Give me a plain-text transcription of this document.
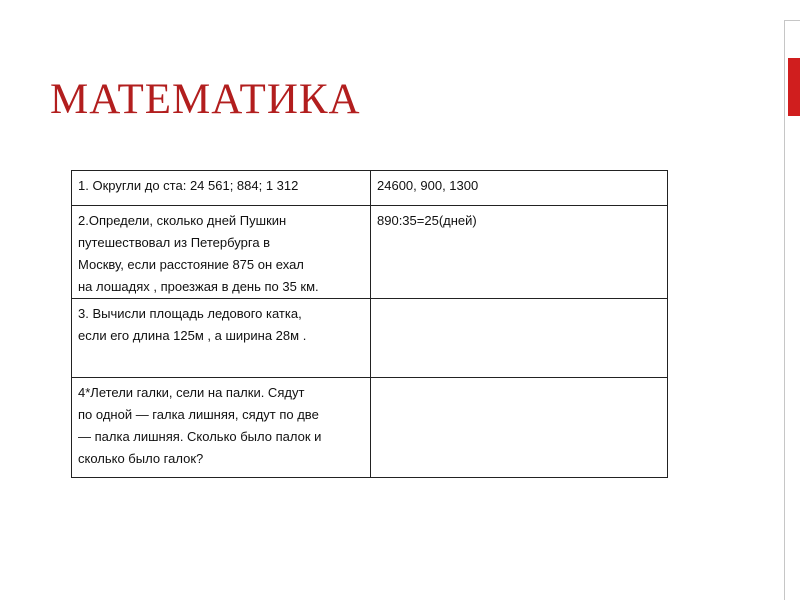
МАТЕМАТИКА
1. Округли до ста: 24 561; 884; 1 312	24600, 900, 1300

2.Определи, сколько дней Пушкин
путешествовал из Петербурга в
Москву, если расстояние 875 он ехал
на лошадях , проезжая в день по 35 км.	890:35=25(дней)

3. Вычисли площадь ледового катка,
если его длина 125м , а ширина 28м .	

4*Летели галки, сели на палки. Сядут
по одной — галка лишняя, сядут по две
— палка лишняя. Сколько было палок и
сколько было галок?	
